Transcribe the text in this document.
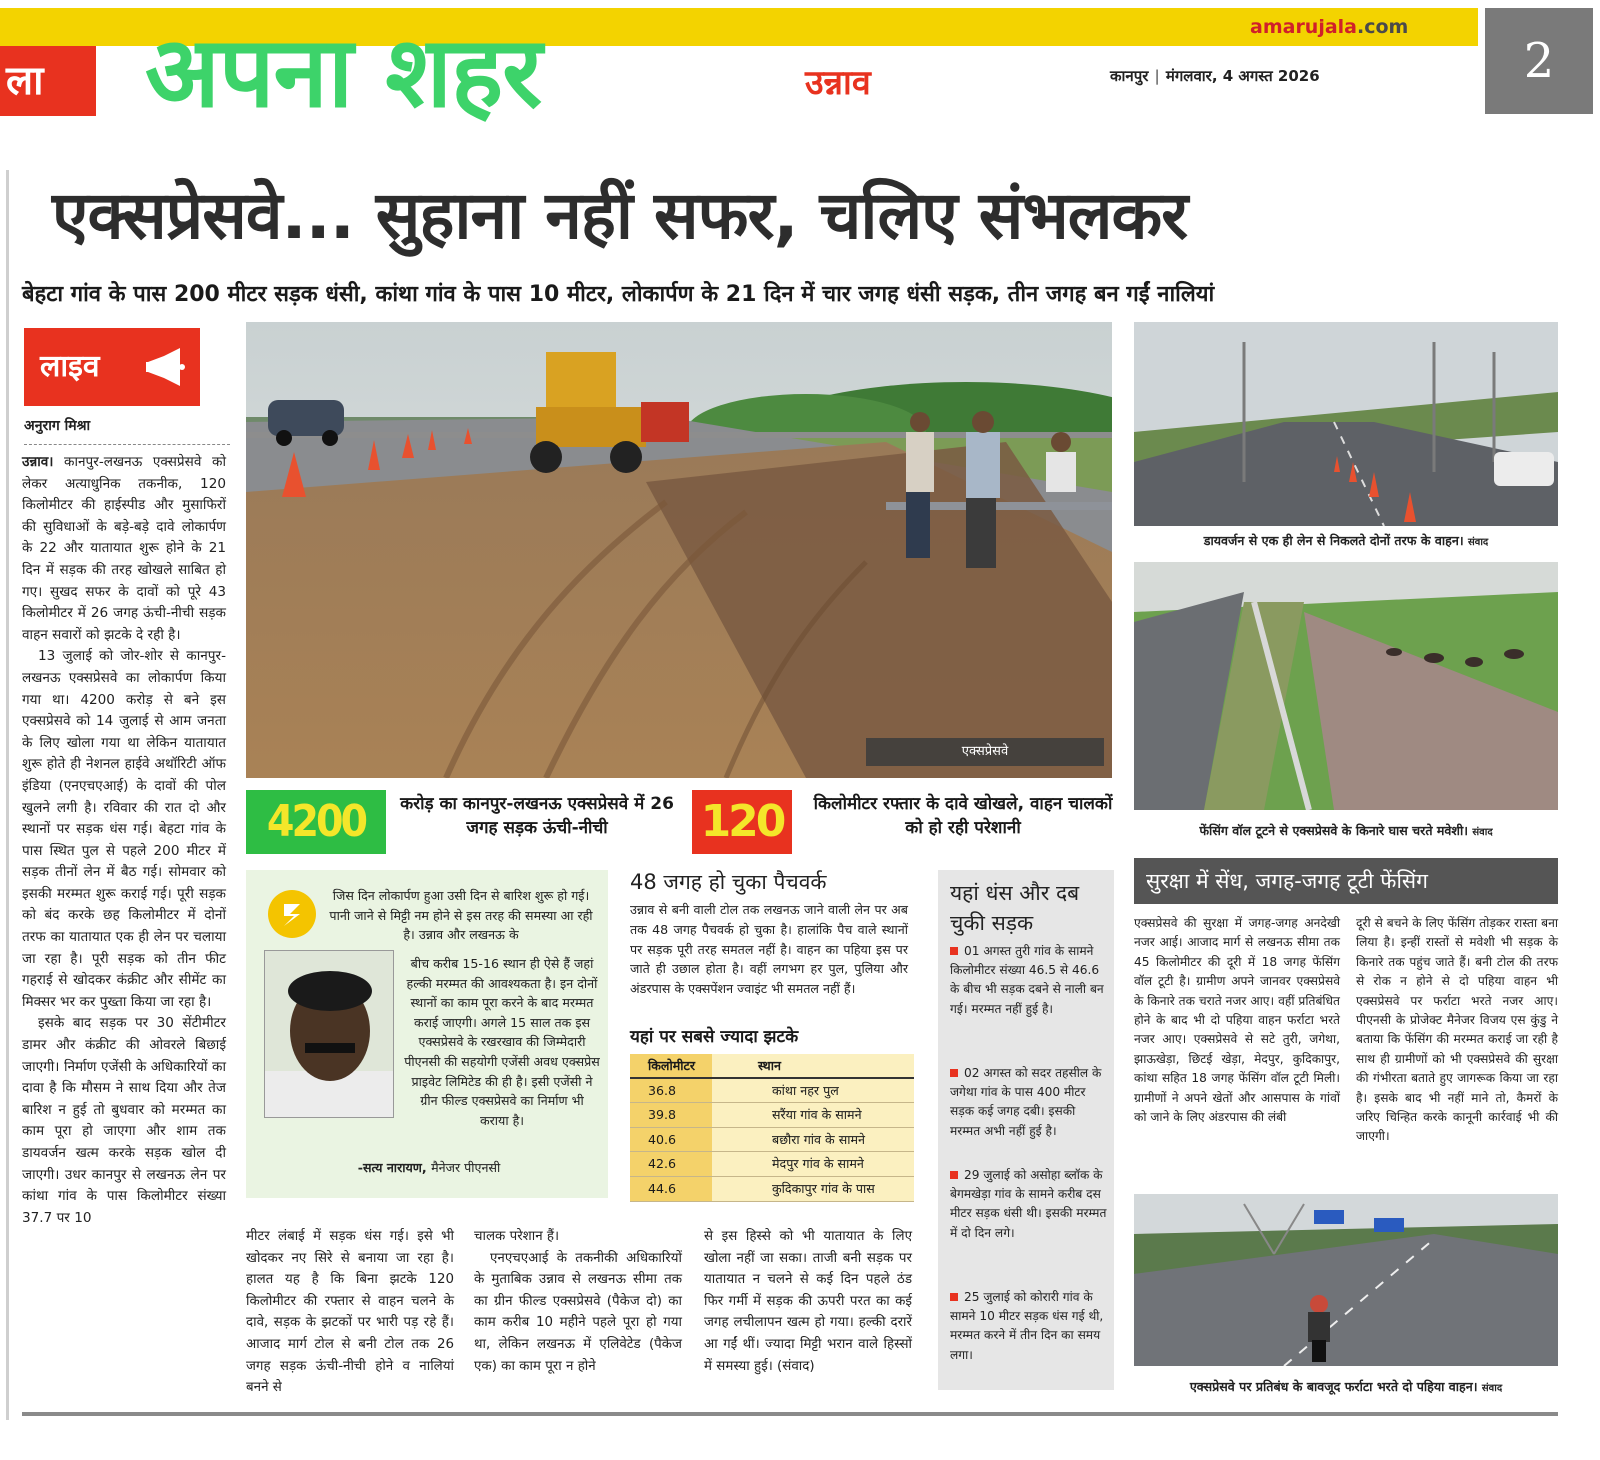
ला	अपना शहर	उन्नाव
amarujala.com
कानपुर | मंगलवार, 4 अगस्त 2026	2
एक्सप्रेसवे... सुहाना नहीं सफर, चलिए संभलकर
बेहटा गांव के पास 200 मीटर सड़क धंसी, कांथा गांव के पास 10 मीटर, लोकार्पण के 21 दिन में चार जगह धंसी सड़क, तीन जगह बन गईं नालियां
लाइव
अनुराग मिश्रा

उन्नाव। कानपुर-लखनऊ एक्सप्रेसवे को लेकर अत्याधुनिक तकनीक, 120 किलोमीटर की हाईस्पीड और मुसाफिरों की सुविधाओं के बड़े-बड़े दावे लोकार्पण के 22 और यातायात शुरू होने के 21 दिन में सड़क की तरह खोखले साबित हो गए। सुखद सफर के दावों को पूरे 43 किलोमीटर में 26 जगह ऊंची-नीची सड़क वाहन सवारों को झटके दे रही है।

13 जुलाई को जोर-शोर से कानपुर-लखनऊ एक्सप्रेसवे का लोकार्पण किया गया था। 4200 करोड़ से बने इस एक्सप्रेसवे को 14 जुलाई से आम जनता के लिए खोला गया था लेकिन यातायात शुरू होते ही नेशनल हाईवे अथॉरिटी ऑफ इंडिया (एनएचएआई) के दावों की पोल खुलने लगी है। रविवार की रात दो और स्थानों पर सड़क धंस गई। बेहटा गांव के पास स्थित पुल से पहले 200 मीटर में सड़क तीनों लेन में बैठ गई। सोमवार को इसकी मरम्मत शुरू कराई गई। पूरी सड़क को बंद करके छह किलोमीटर में दोनों तरफ का यातायात एक ही लेन पर चलाया जा रहा है। पूरी सड़क को तीन फीट गहराई से खोदकर कंक्रीट और सीमेंट का मिक्सर भर कर पुख्ता किया जा रहा है।

इसके बाद सड़क पर 30 सेंटीमीटर डामर और कंक्रीट की ओवरले बिछाई जाएगी। निर्माण एजेंसी के अधिकारियों का दावा है कि मौसम ने साथ दिया और तेज बारिश न हुई तो बुधवार को मरम्मत का काम पूरा हो जाएगा और शाम तक डायवर्जन खत्म करके सड़क खोल दी जाएगी। उधर कानपुर से लखनऊ लेन पर कांथा गांव के पास किलोमीटर संख्या 37.7 पर 10

एक्सप्रेसवे
4200	करोड़ का कानपुर-लखनऊ एक्सप्रेसवे में 26 जगह सड़क ऊंची-नीची	120	किलोमीटर रफ्तार के दावे खोखले, वाहन चालकों को हो रही परेशानी
डायवर्जन से एक ही लेन से निकलते दोनों तरफ के वाहन। संवाद
फेंसिंग वॉल टूटने से एक्सप्रेसवे के किनारे घास चरते मवेशी। संवाद
जिस दिन लोकार्पण हुआ उसी दिन से बारिश शुरू हो गई। पानी जाने से मिट्टी नम होने से इस तरह की समस्या आ रही है। उन्नाव और लखनऊ के
बीच करीब 15-16 स्थान ही ऐसे हैं जहां हल्की मरम्मत की आवश्यकता है। इन दोनों स्थानों का काम पूरा करने के बाद मरम्मत कराई जाएगी। अगले 15 साल तक इस एक्सप्रेसवे के रखरखाव की जिम्मेदारी पीएनसी की सहयोगी एजेंसी अवध एक्सप्रेस प्राइवेट लिमिटेड की ही है। इसी एजेंसी ने ग्रीन फील्ड एक्सप्रेसवे का निर्माण भी कराया है।
-सत्य नारायण, मैनेजर पीएनसी
48 जगह हो चुका पैचवर्क
उन्नाव से बनी वाली टोल तक लखनऊ जाने वाली लेन पर अब तक 48 जगह पैचवर्क हो चुका है। हालांकि पैच वाले स्थानों पर सड़क पूरी तरह समतल नहीं है। वाहन का पहिया इस पर जाते ही उछाल होता है। वहीं लगभग हर पुल, पुलिया और अंडरपास के एक्सपेंशन ज्वाइंट भी समतल नहीं हैं।
यहां पर सबसे ज्यादा झटके
किलोमीटर	स्थान
36.8	कांथा नहर पुल
39.8	सरैंया गांव के सामने
40.6	बछौरा गांव के सामने
42.6	मेदपुर गांव के सामने
44.6	कुदिकापुर गांव के पास
यहां धंस और दब
चुकी सड़क
01 अगस्त तुरी गांव के सामने किलोमीटर संख्या 46.5 से 46.6 के बीच भी सड़क दबने से नाली बन गई। मरम्मत नहीं हुई है।
02 अगस्त को सदर तहसील के जगेथा गांव के पास 400 मीटर सड़क कई जगह दबी। इसकी मरम्मत अभी नहीं हुई है।
29 जुलाई को असोहा ब्लॉक के बेगमखेड़ा गांव के सामने करीब दस मीटर सड़क धंसी थी। इसकी मरम्मत में दो दिन लगे।
25 जुलाई को कोरारी गांव के सामने 10 मीटर सड़क धंस गई थी, मरम्मत करने में तीन दिन का समय लगा।
सुरक्षा में सेंध, जगह-जगह टूटी फेंसिंग
एक्सप्रेसवे की सुरक्षा में जगह-जगह अनदेखी नजर आई। आजाद मार्ग से लखनऊ सीमा तक 45 किलोमीटर की दूरी में 18 जगह फेंसिंग वॉल टूटी है। ग्रामीण अपने जानवर एक्सप्रेसवे के किनारे तक चराते नजर आए। वहीं प्रतिबंधित होने के बाद भी दो पहिया वाहन फर्राटा भरते नजर आए। एक्सप्रेसवे से सटे तुरी, जगेथा, झाऊखेड़ा, छिटई खेड़ा, मेदपुर, कुदिकापुर, कांथा सहित 18 जगह फेंसिंग वॉल टूटी मिली। ग्रामीणों ने अपने खेतों और आसपास के गांवों को जाने के लिए अंडरपास की लंबी
दूरी से बचने के लिए फेंसिंग तोड़कर रास्ता बना लिया है। इन्हीं रास्तों से मवेशी भी सड़क के किनारे तक पहुंच जाते हैं। बनी टोल की तरफ से रोक न होने से दो पहिया वाहन भी एक्सप्रेसवे पर फर्राटा भरते नजर आए। पीएनसी के प्रोजेक्ट मैनेजर विजय एस कुंडु ने बताया कि फेंसिंग की मरम्मत कराई जा रही है साथ ही ग्रामीणों को भी एक्सप्रेसवे की सुरक्षा की गंभीरता बताते हुए जागरूक किया जा रहा है। इसके बाद भी नहीं माने तो, कैमरों के जरिए चिन्हित करके कानूनी कार्रवाई भी की जाएगी।
एक्सप्रेसवे पर प्रतिबंध के बावजूद फर्राटा भरते दो पहिया वाहन। संवाद
मीटर लंबाई में सड़क धंस गई। इसे भी खोदकर नए सिरे से बनाया जा रहा है। हालत यह है कि बिना झटके 120 किलोमीटर की रफ्तार से वाहन चलने के दावे, सड़क के झटकों पर भारी पड़ रहे हैं। आजाद मार्ग टोल से बनी टोल तक 26 जगह सड़क ऊंची-नीची होने व नालियां बनने से
चालक परेशान हैं।
एनएचएआई के तकनीकी अधिकारियों के मुताबिक उन्नाव से लखनऊ सीमा तक का ग्रीन फील्ड एक्सप्रेसवे (पैकेज दो) का काम करीब 10 महीने पहले पूरा हो गया था, लेकिन लखनऊ में एलिवेटेड (पैकेज एक) का काम पूरा न होने
से इस हिस्से को भी यातायात के लिए खोला नहीं जा सका। ताजी बनी सड़क पर यातायात न चलने से कई दिन पहले ठंड फिर गर्मी में सड़क की ऊपरी परत का कई जगह लचीलापन खत्म हो गया। हल्की दरारें आ गईं थीं। ज्यादा मिट्टी भरान वाले हिस्सों में समस्या हुई। (संवाद)
